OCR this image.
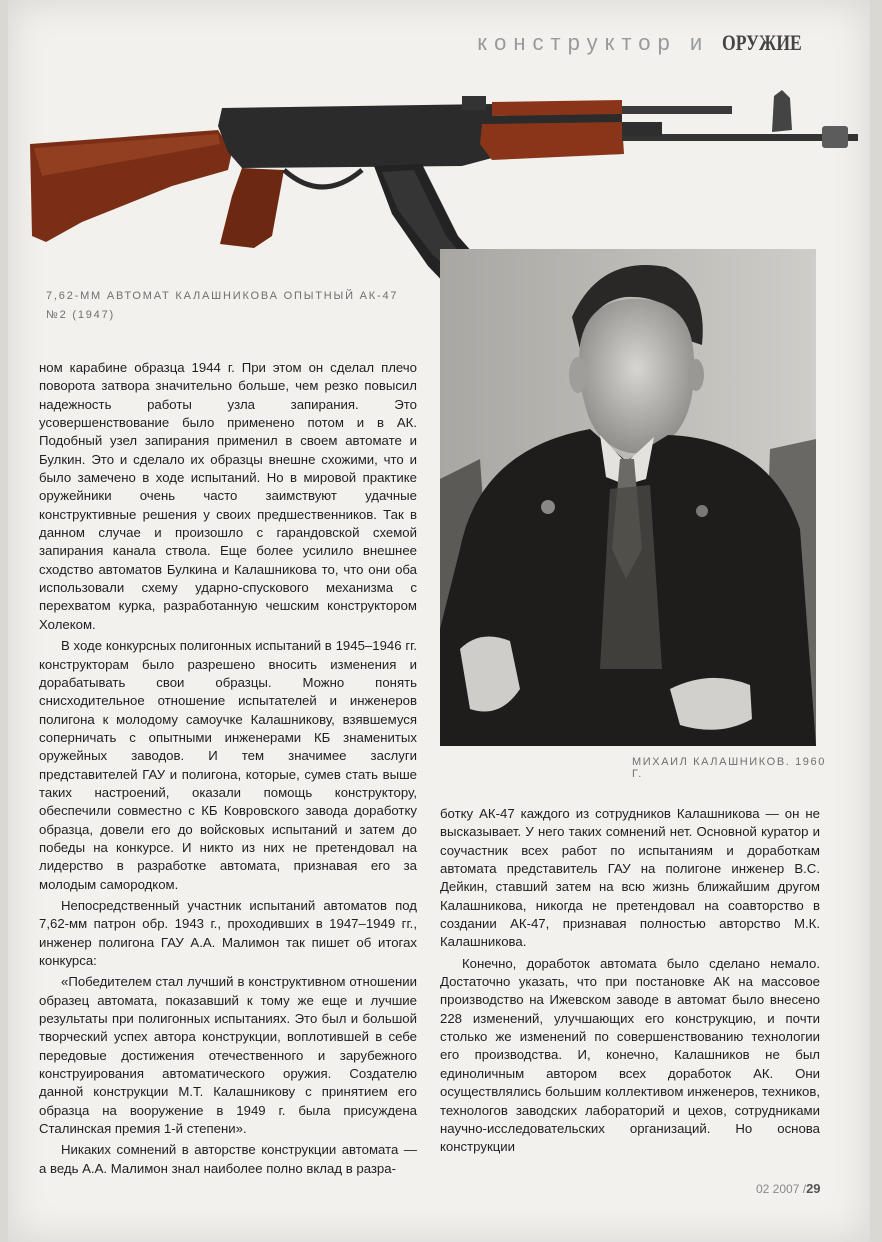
конструктор и ОРУЖИЕ
7,62-ММ АВТОМАТ КАЛАШНИКОВА ОПЫТНЫЙ АК-47 №2 (1947)
МИХАИЛ КАЛАШНИКОВ. 1960 Г.

ном карабине образца 1944 г. При этом он сделал плечо поворота затвора значительно больше, чем резко повысил надежность работы узла запирания. Это усовершенствование было применено потом и в АК. Подобный узел запирания применил в своем автомате и Булкин. Это и сделало их образцы внешне схожими, что и было замечено в ходе испытаний. Но в мировой практике оружейники очень часто заимствуют удачные конструктивные решения у своих предшественников. Так в данном случае и произошло с гарандовской схемой запирания канала ствола. Еще более усилило внешнее сходство автоматов Булкина и Калашникова то, что они оба использовали схему ударно-спускового механизма с перехватом курка, разработанную чешским конструктором Холеком.

В ходе конкурсных полигонных испытаний в 1945–1946 гг. конструкторам было разрешено вносить изменения и дорабатывать свои образцы. Можно понять снисходительное отношение испытателей и инженеров полигона к молодому самоучке Калашникову, взявшемуся соперничать с опытными инженерами КБ знаменитых оружейных заводов. И тем значимее заслуги представителей ГАУ и полигона, которые, сумев стать выше таких настроений, оказали помощь конструктору, обеспечили совместно с КБ Ковровского завода доработку образца, довели его до войсковых испытаний и затем до победы на конкурсе. И никто из них не претендовал на лидерство в разработке автомата, признавая его за молодым самородком.

Непосредственный участник испытаний автоматов под 7,62-мм патрон обр. 1943 г., проходивших в 1947–1949 гг., инженер полигона ГАУ А.А. Малимон так пишет об итогах конкурса:

«Победителем стал лучший в конструктивном отношении образец автомата, показавший к тому же еще и лучшие результаты при полигонных испытаниях. Это был и большой творческий успех автора конструкции, воплотившей в себе передовые достижения отечественного и зарубежного конструирования автоматического оружия. Создателю данной конструкции М.Т. Калашникову с принятием его образца на вооружение в 1949 г. была присуждена Сталинская премия 1-й степени».

Никаких сомнений в авторстве конструкции автомата — а ведь А.А. Малимон знал наиболее полно вклад в разра-

ботку АК-47 каждого из сотрудников Калашникова — он не высказывает. У него таких сомнений нет. Основной куратор и соучастник всех работ по испытаниям и доработкам автомата представитель ГАУ на полигоне инженер В.С. Дейкин, ставший затем на всю жизнь ближайшим другом Калашникова, никогда не претендовал на соавторство в создании АК-47, признавая полностью авторство М.К. Калашникова.

Конечно, доработок автомата было сделано немало. Достаточно указать, что при постановке АК на массовое производство на Ижевском заводе в автомат было внесено 228 изменений, улучшающих его конструкцию, и почти столько же изменений по совершенствованию технологии его производства. И, конечно, Калашников не был единоличным автором всех доработок АК. Они осуществлялись большим коллективом инженеров, техников, технологов заводских лабораторий и цехов, сотрудниками научно-исследовательских организаций. Но основа конструкции

02 2007 /29
